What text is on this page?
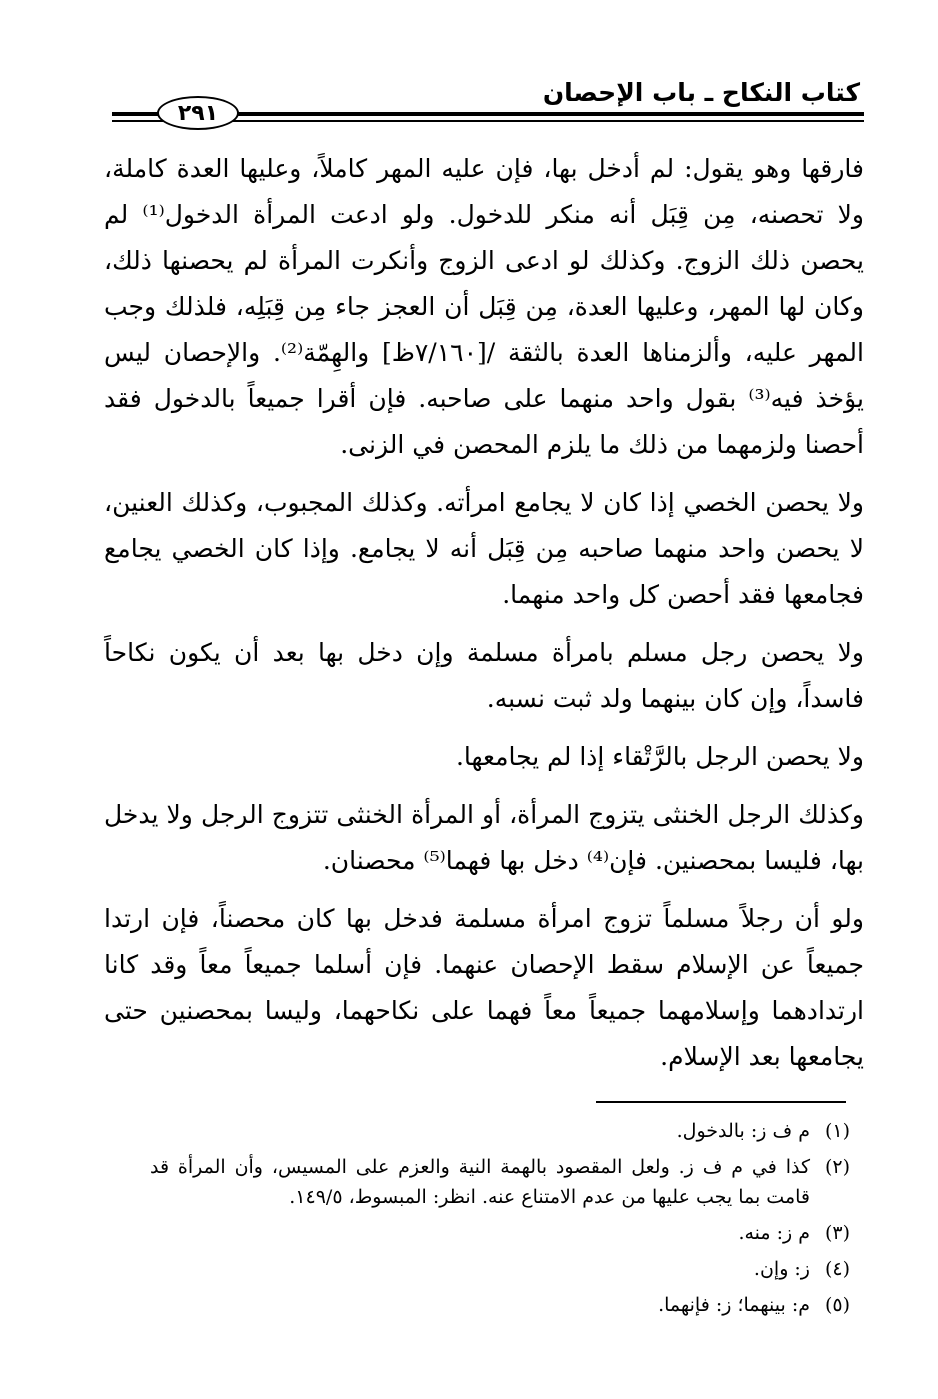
كتاب النكاح ـ باب الإحصان
٢٩١

فارقها وهو يقول: لم أدخل بها، فإن عليه المهر كاملاً، وعليها العدة كاملة، ولا تحصنه، مِن قِبَل أنه منكر للدخول. ولو ادعت المرأة الدخول⁽¹⁾ لم يحصن ذلك الزوج. وكذلك لو ادعى الزوج وأنكرت المرأة لم يحصنها ذلك، وكان لها المهر، وعليها العدة، مِن قِبَل أن العجز جاء مِن قِبَلِه، فلذلك وجب المهر عليه، وألزمناها العدة بالثقة /[٧/١٦٠ظ] والهِمّة⁽²⁾. والإحصان ليس يؤخذ فيه⁽³⁾ بقول واحد منهما على صاحبه. فإن أقرا جميعاً بالدخول فقد أحصنا ولزمهما من ذلك ما يلزم المحصن في الزنى.

ولا يحصن الخصي إذا كان لا يجامع امرأته. وكذلك المجبوب، وكذلك العنين، لا يحصن واحد منهما صاحبه مِن قِبَل أنه لا يجامع. وإذا كان الخصي يجامع فجامعها فقد أحصن كل واحد منهما.

ولا يحصن رجل مسلم بامرأة مسلمة وإن دخل بها بعد أن يكون نكاحاً فاسداً، وإن كان بينهما ولد ثبت نسبه.

ولا يحصن الرجل بالرَّتْقاء إذا لم يجامعها.

وكذلك الرجل الخنثى يتزوج المرأة، أو المرأة الخنثى تتزوج الرجل ولا يدخل بها، فليسا بمحصنين. فإن⁽⁴⁾ دخل بها فهما⁽⁵⁾ محصنان.

ولو أن رجلاً مسلماً تزوج امرأة مسلمة فدخل بها كان محصناً، فإن ارتدا جميعاً عن الإسلام سقط الإحصان عنهما. فإن أسلما جميعاً معاً وقد كانا ارتدادهما وإسلامهما جميعاً معاً فهما على نكاحهما، وليسا بمحصنين حتى يجامعها بعد الإسلام.

(١)
م ف ز: بالدخول.
(٢)
كذا في م ف ز. ولعل المقصود بالهمة النية والعزم على المسيس، وأن المرأة قد قامت بما يجب عليها من عدم الامتناع عنه. انظر: المبسوط، ١٤٩/٥.
(٣)
م ز: منه.
(٤)
ز: وإن.
(٥)
م: بينهما؛ ز: فإنهما.
